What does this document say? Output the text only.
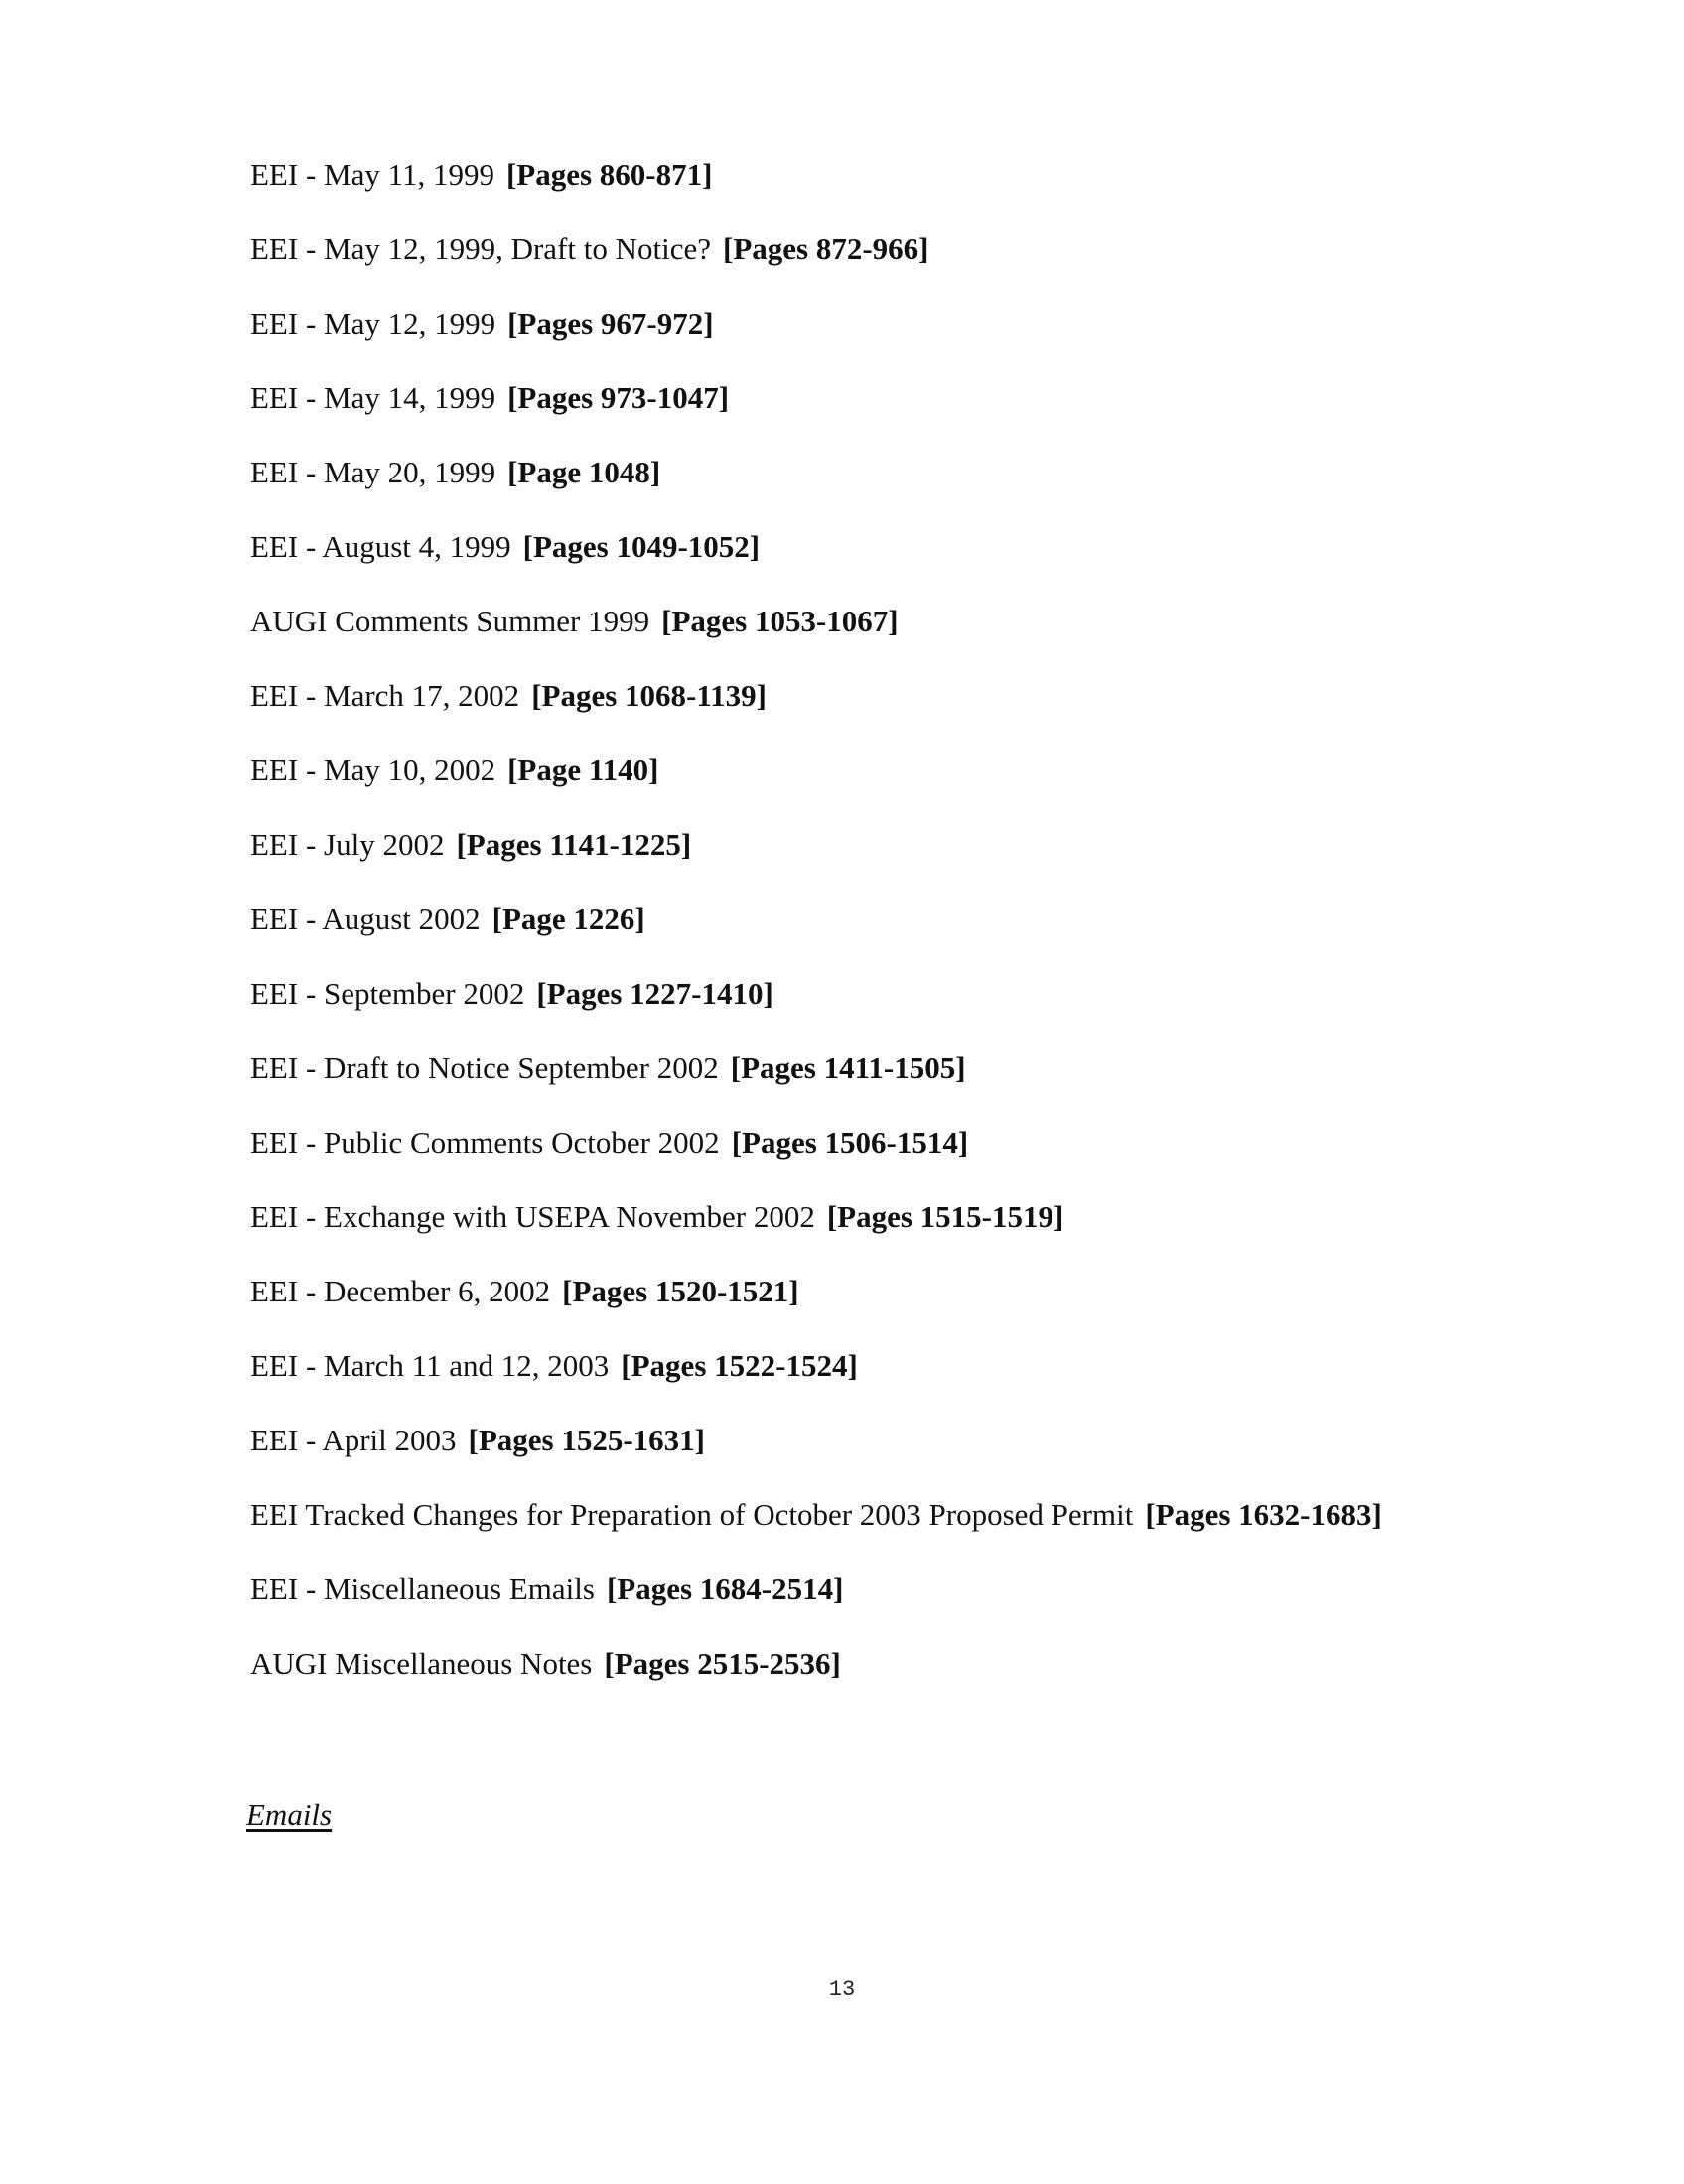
EEI - May 11, 1999 [Pages 860-871]
EEI - May 12, 1999, Draft to Notice? [Pages 872-966]
EEI - May 12, 1999 [Pages 967-972]
EEI - May 14, 1999 [Pages 973-1047]
EEI - May 20, 1999 [Page 1048]
EEI - August 4, 1999 [Pages 1049-1052]
AUGI Comments Summer 1999 [Pages 1053-1067]
EEI - March 17, 2002 [Pages 1068-1139]
EEI - May 10, 2002 [Page 1140]
EEI - July 2002 [Pages 1141-1225]
EEI - August 2002 [Page 1226]
EEI - September 2002 [Pages 1227-1410]
EEI - Draft to Notice September 2002 [Pages 1411-1505]
EEI - Public Comments October 2002 [Pages 1506-1514]
EEI - Exchange with USEPA November 2002 [Pages 1515-1519]
EEI - December 6, 2002 [Pages 1520-1521]
EEI - March 11 and 12, 2003 [Pages 1522-1524]
EEI - April 2003 [Pages 1525-1631]
EEI Tracked Changes for Preparation of October 2003 Proposed Permit [Pages 1632-1683]
EEI - Miscellaneous Emails [Pages 1684-2514]
AUGI Miscellaneous Notes [Pages 2515-2536]
Emails
13
